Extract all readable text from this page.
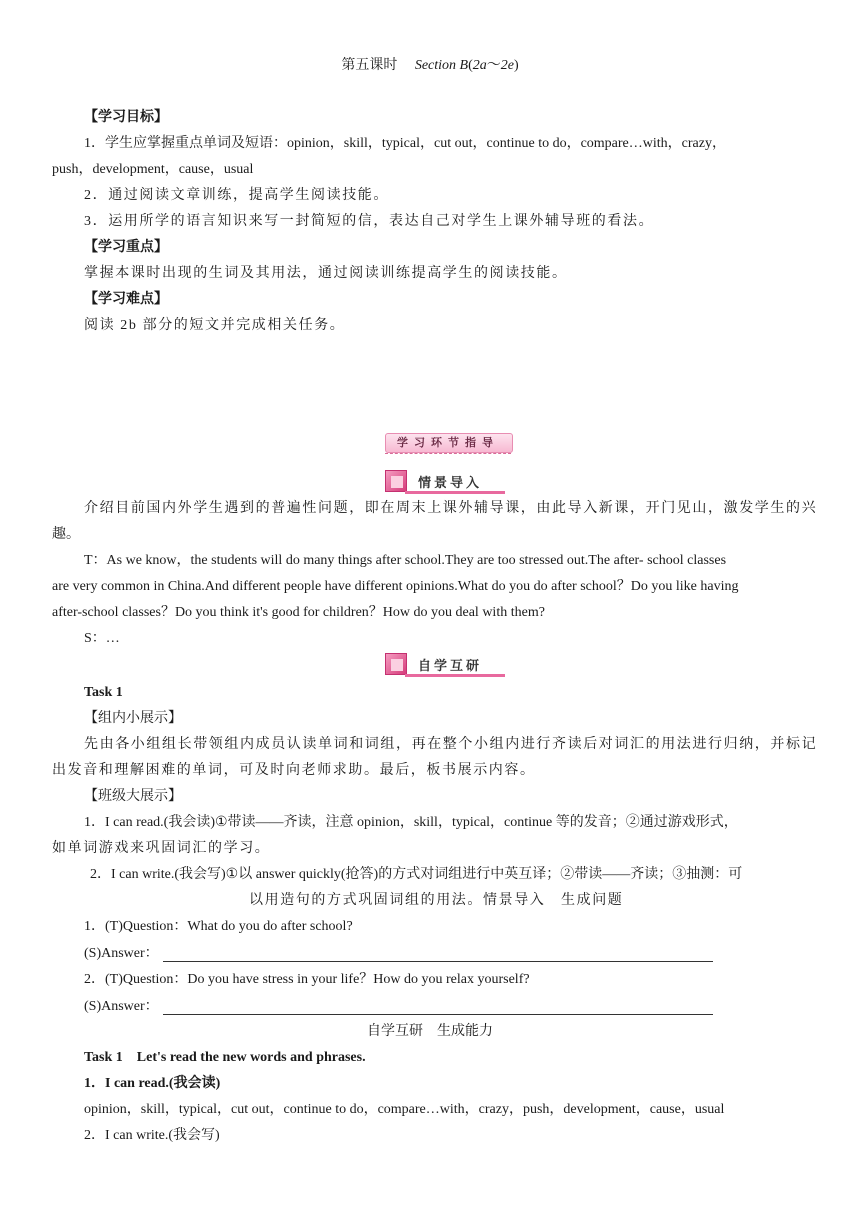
第五课时　 Section B(2a～2e)
【学习目标】
1．学生应掌握重点单词及短语：opinion，skill，typical，cut out，continue to do，compare…with，crazy，
push，development，cause，usual
2．通过阅读文章训练，提高学生阅读技能。
3．运用所学的语言知识来写一封简短的信，表达自己对学生上课外辅导班的看法。
【学习重点】
掌握本课时出现的生词及其用法，通过阅读训练提高学生的阅读技能。
【学习难点】
阅读 2b 部分的短文并完成相关任务。
学习环节指导
情景导入
介绍目前国内外学生遇到的普遍性问题，即在周末上课外辅导课，由此导入新课，开门见山，激发学生的兴
趣。
T：As we know，the students will do many things after school.They are too stressed out.The after- school classes
are very common in China.And different people have different opinions.What do you do after school？Do you like having
after-school classes？Do you think it's good for children？How do you deal with them?
S：…
自学互研
Task 1
【组内小展示】
先由各小组组长带领组内成员认读单词和词组，再在整个小组内进行齐读后对词汇的用法进行归纳，并标记
出发音和理解困难的单词，可及时向老师求助。最后，板书展示内容。
【班级大展示】
1．I can read.(我会读)①带读——齐读，注意 opinion，skill，typical，continue 等的发音；②通过游戏形式，
如单词游戏来巩固词汇的学习。
2．I can write.(我会写)①以 answer quickly(抢答)的方式对词组进行中英互译；②带读——齐读；③抽测：可
以用造句的方式巩固词组的用法。情景导入　生成问题
1．(T)Question：What do you do after school?
(S)Answer：
2．(T)Question：Do you have stress in your life？How do you relax yourself?
(S)Answer：
自学互研　生成能力
Task 1　Let's read the new words and phrases.
1．I can read.(我会读)
opinion，skill，typical，cut out，continue to do，compare…with，crazy，push，development，cause，usual
2．I can write.(我会写)
